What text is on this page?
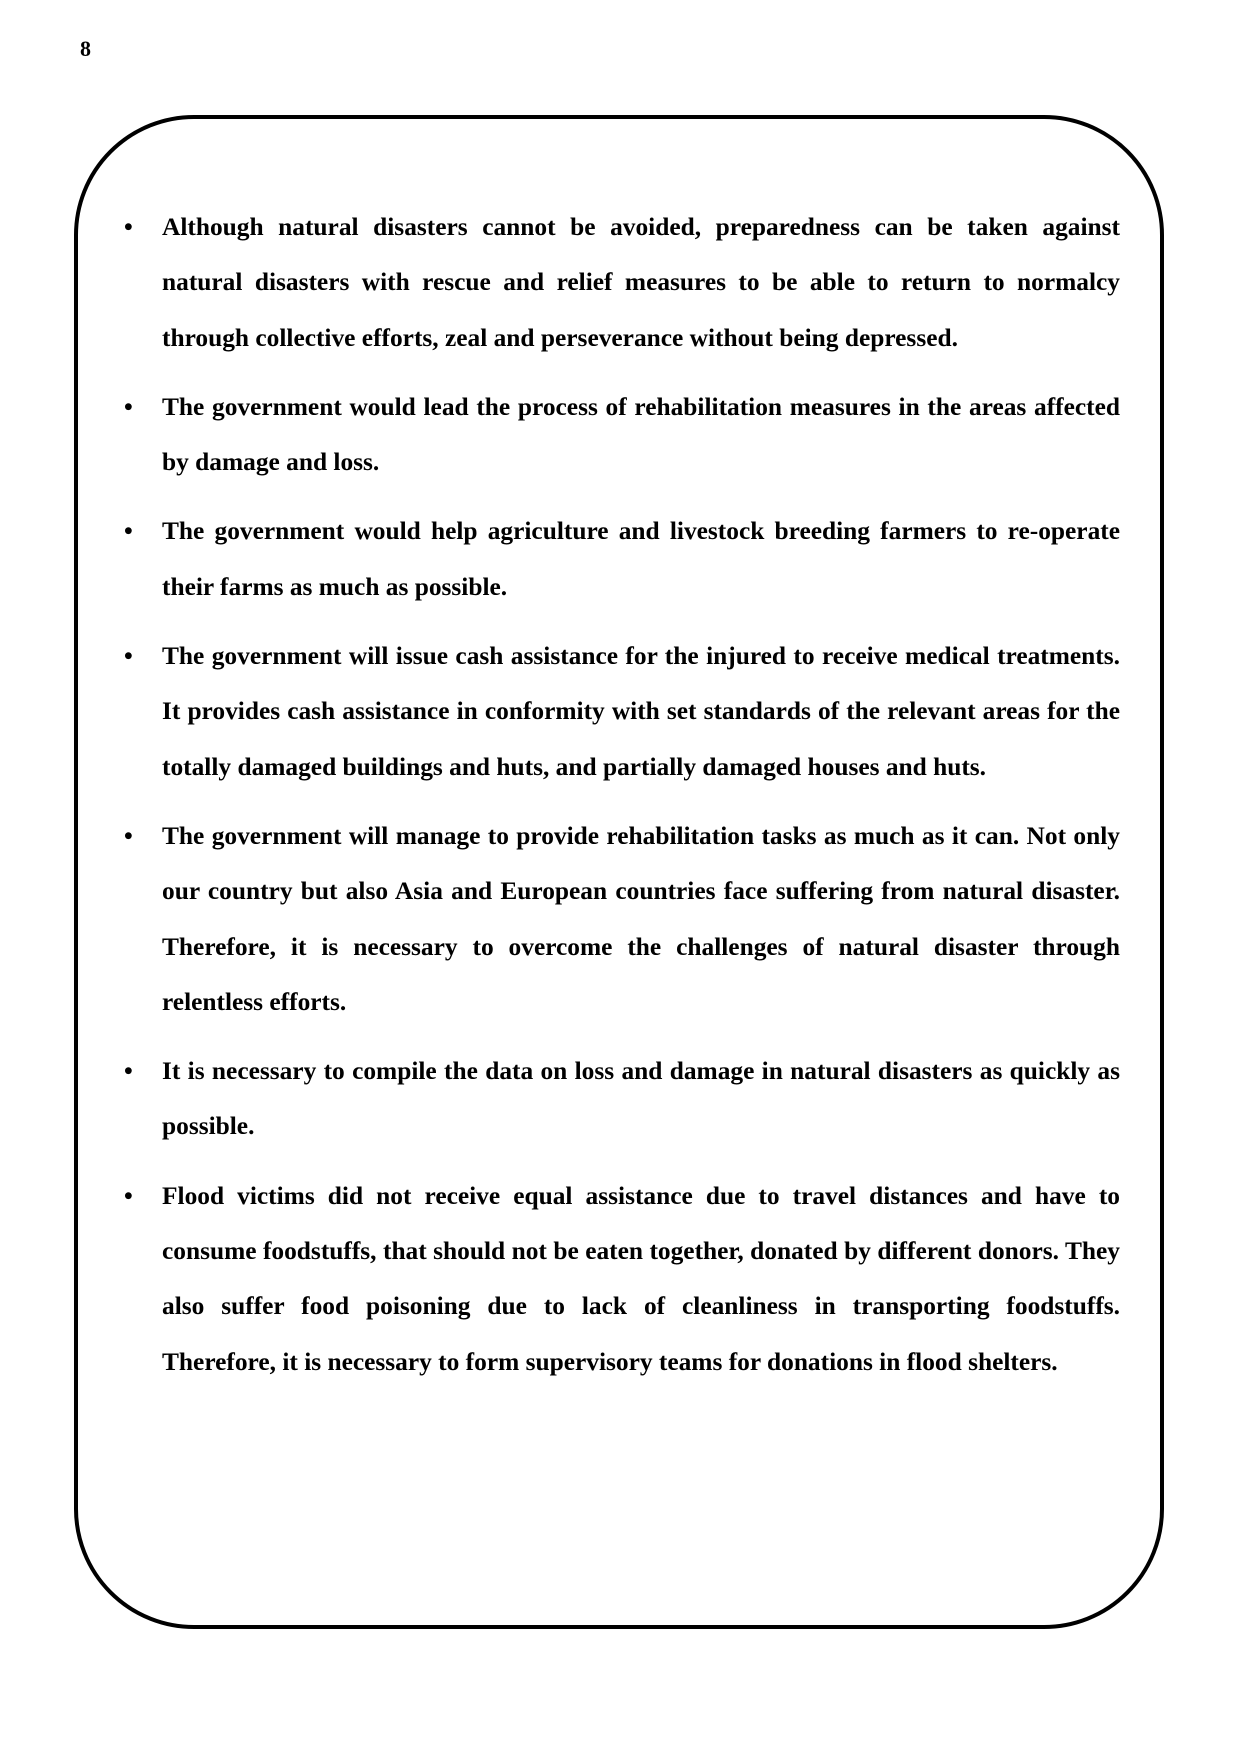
8
• Although natural disasters cannot be avoided, preparedness can be taken against natural disasters with rescue and relief measures to be able to return to normalcy through collective efforts, zeal and perseverance without being depressed.
• The government would lead the process of rehabilitation measures in the areas affected by damage and loss.
• The government would help agriculture and livestock breeding farmers to re-operate their farms as much as possible.
• The government will issue cash assistance for the injured to receive medical treatments. It provides cash assistance in conformity with set standards of the relevant areas for the totally damaged buildings and huts, and partially damaged houses and huts.
• The government will manage to provide rehabilitation tasks as much as it can. Not only our country but also Asia and European countries face suffering from natural disaster. Therefore, it is necessary to overcome the challenges of natural disaster through relentless efforts.
• It is necessary to compile the data on loss and damage in natural disasters as quickly as possible.
• Flood victims did not receive equal assistance due to travel distances and have to consume foodstuffs, that should not be eaten together, donated by different donors. They also suffer food poisoning due to lack of cleanliness in transporting foodstuffs. Therefore, it is necessary to form supervisory teams for donations in flood shelters.
